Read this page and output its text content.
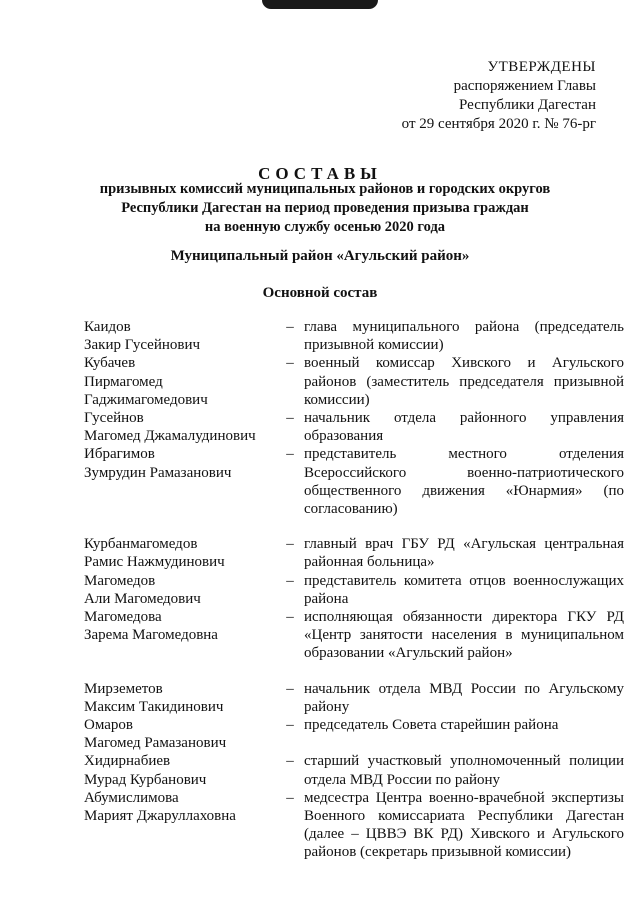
УТВЕРЖДЕНЫ
распоряжением Главы
Республики Дагестан
от 29 сентября 2020 г. № 76-рг
СОСТАВЫ
призывных комиссий муниципальных районов и городских округов
Республики Дагестан на период проведения призыва граждан
на военную службу осенью 2020 года
Муниципальный район «Агульский район»
Основной состав
Каидов
Закир Гусейнович
– глава муниципального района (председатель призывной комиссии)
Кубачев
Пирмагомед
Гаджимагомедович
– военный комиссар Хивского и Агульского районов (заместитель председателя призывной комиссии)
Гусейнов
Магомед Джамалудинович
– начальник отдела районного управления образования
Ибрагимов
Зумрудин Рамазанович
– представитель местного отделения Всероссийского военно-патриотического общественного движения «Юнармия» (по согласованию)
Курбанмагомедов
Рамис Нажмудинович
– главный врач ГБУ РД «Агульская центральная районная больница»
Магомедов
Али Магомедович
– представитель комитета отцов военнослужащих района
Магомедова
Зарема Магомедовна
– исполняющая обязанности директора ГКУ РД «Центр занятости населения в муниципальном образовании «Агульский район»
Мирземетов
Максим Такидинович
– начальник отдела МВД России по Агульскому району
Омаров
Магомед Рамазанович
– председатель Совета старейшин района
Хидирнабиев
Мурад Курбанович
– старший участковый уполномоченный полиции отдела МВД России по району
Абумислимова
Марият Джаруллаховна
– медсестра Центра военно-врачебной экспертизы Военного комиссариата Республики Дагестан (далее – ЦВВЭ ВК РД) Хивского и Агульского районов (секретарь призывной комиссии)
